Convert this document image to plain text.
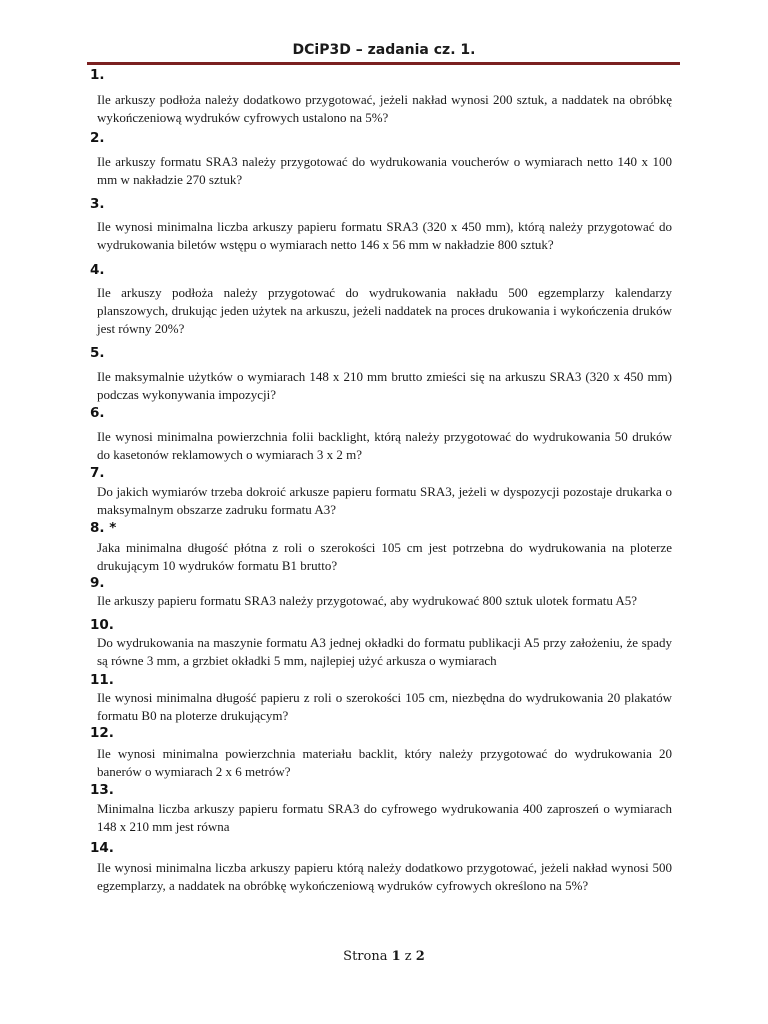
DCiP3D – zadania cz. 1.
1.
Ile arkuszy podłoża należy dodatkowo przygotować, jeżeli nakład wynosi 200 sztuk, a naddatek na obróbkę wykończeniową wydruków cyfrowych ustalono na 5%?
2.
Ile arkuszy formatu SRA3 należy przygotować do wydrukowania voucherów o wymiarach netto 140 x 100 mm w nakładzie 270 sztuk?
3.
Ile wynosi minimalna liczba arkuszy papieru formatu SRA3 (320 x 450 mm), którą należy przygotować do wydrukowania biletów wstępu o wymiarach netto 146 x 56 mm w nakładzie 800 sztuk?
4.
Ile arkuszy podłoża należy przygotować do wydrukowania nakładu 500 egzemplarzy kalendarzy planszowych, drukując jeden użytek na arkuszu, jeżeli naddatek na proces drukowania i wykończenia druków jest równy 20%?
5.
Ile maksymalnie użytków o wymiarach 148 x 210 mm brutto zmieści się na arkuszu SRA3 (320 x 450 mm) podczas wykonywania impozycji?
6.
Ile wynosi minimalna powierzchnia folii backlight, którą należy przygotować do wydrukowania 50 druków do kasetonów reklamowych o wymiarach 3 x 2 m?
7.
Do jakich wymiarów trzeba dokroić arkusze papieru formatu SRA3, jeżeli w dyspozycji pozostaje drukarka o maksymalnym obszarze zadruku formatu A3?
8. *
Jaka minimalna długość płótna z roli o szerokości 105 cm jest potrzebna do wydrukowania na ploterze drukującym 10 wydruków formatu B1 brutto?
9.
Ile arkuszy papieru formatu SRA3 należy przygotować, aby wydrukować 800 sztuk ulotek formatu A5?
10.
Do wydrukowania na maszynie formatu A3 jednej okładki do formatu publikacji A5 przy założeniu, że spady są równe 3 mm, a grzbiet okładki 5 mm, najlepiej użyć arkusza o wymiarach
11.
Ile wynosi minimalna długość papieru z roli o szerokości 105 cm, niezbędna do wydrukowania 20 plakatów formatu B0 na ploterze drukującym?
12.
Ile wynosi minimalna powierzchnia materiału backlit, który należy przygotować do wydrukowania 20 banerów o wymiarach 2 x 6 metrów?
13.
Minimalna liczba arkuszy papieru formatu SRA3 do cyfrowego wydrukowania 400 zaproszeń o wymiarach 148 x 210 mm jest równa
14.
Ile wynosi minimalna liczba arkuszy papieru którą należy dodatkowo przygotować, jeżeli nakład wynosi 500 egzemplarzy, a naddatek na obróbkę wykończeniową wydruków cyfrowych określono na 5%?
Strona 1 z 2
